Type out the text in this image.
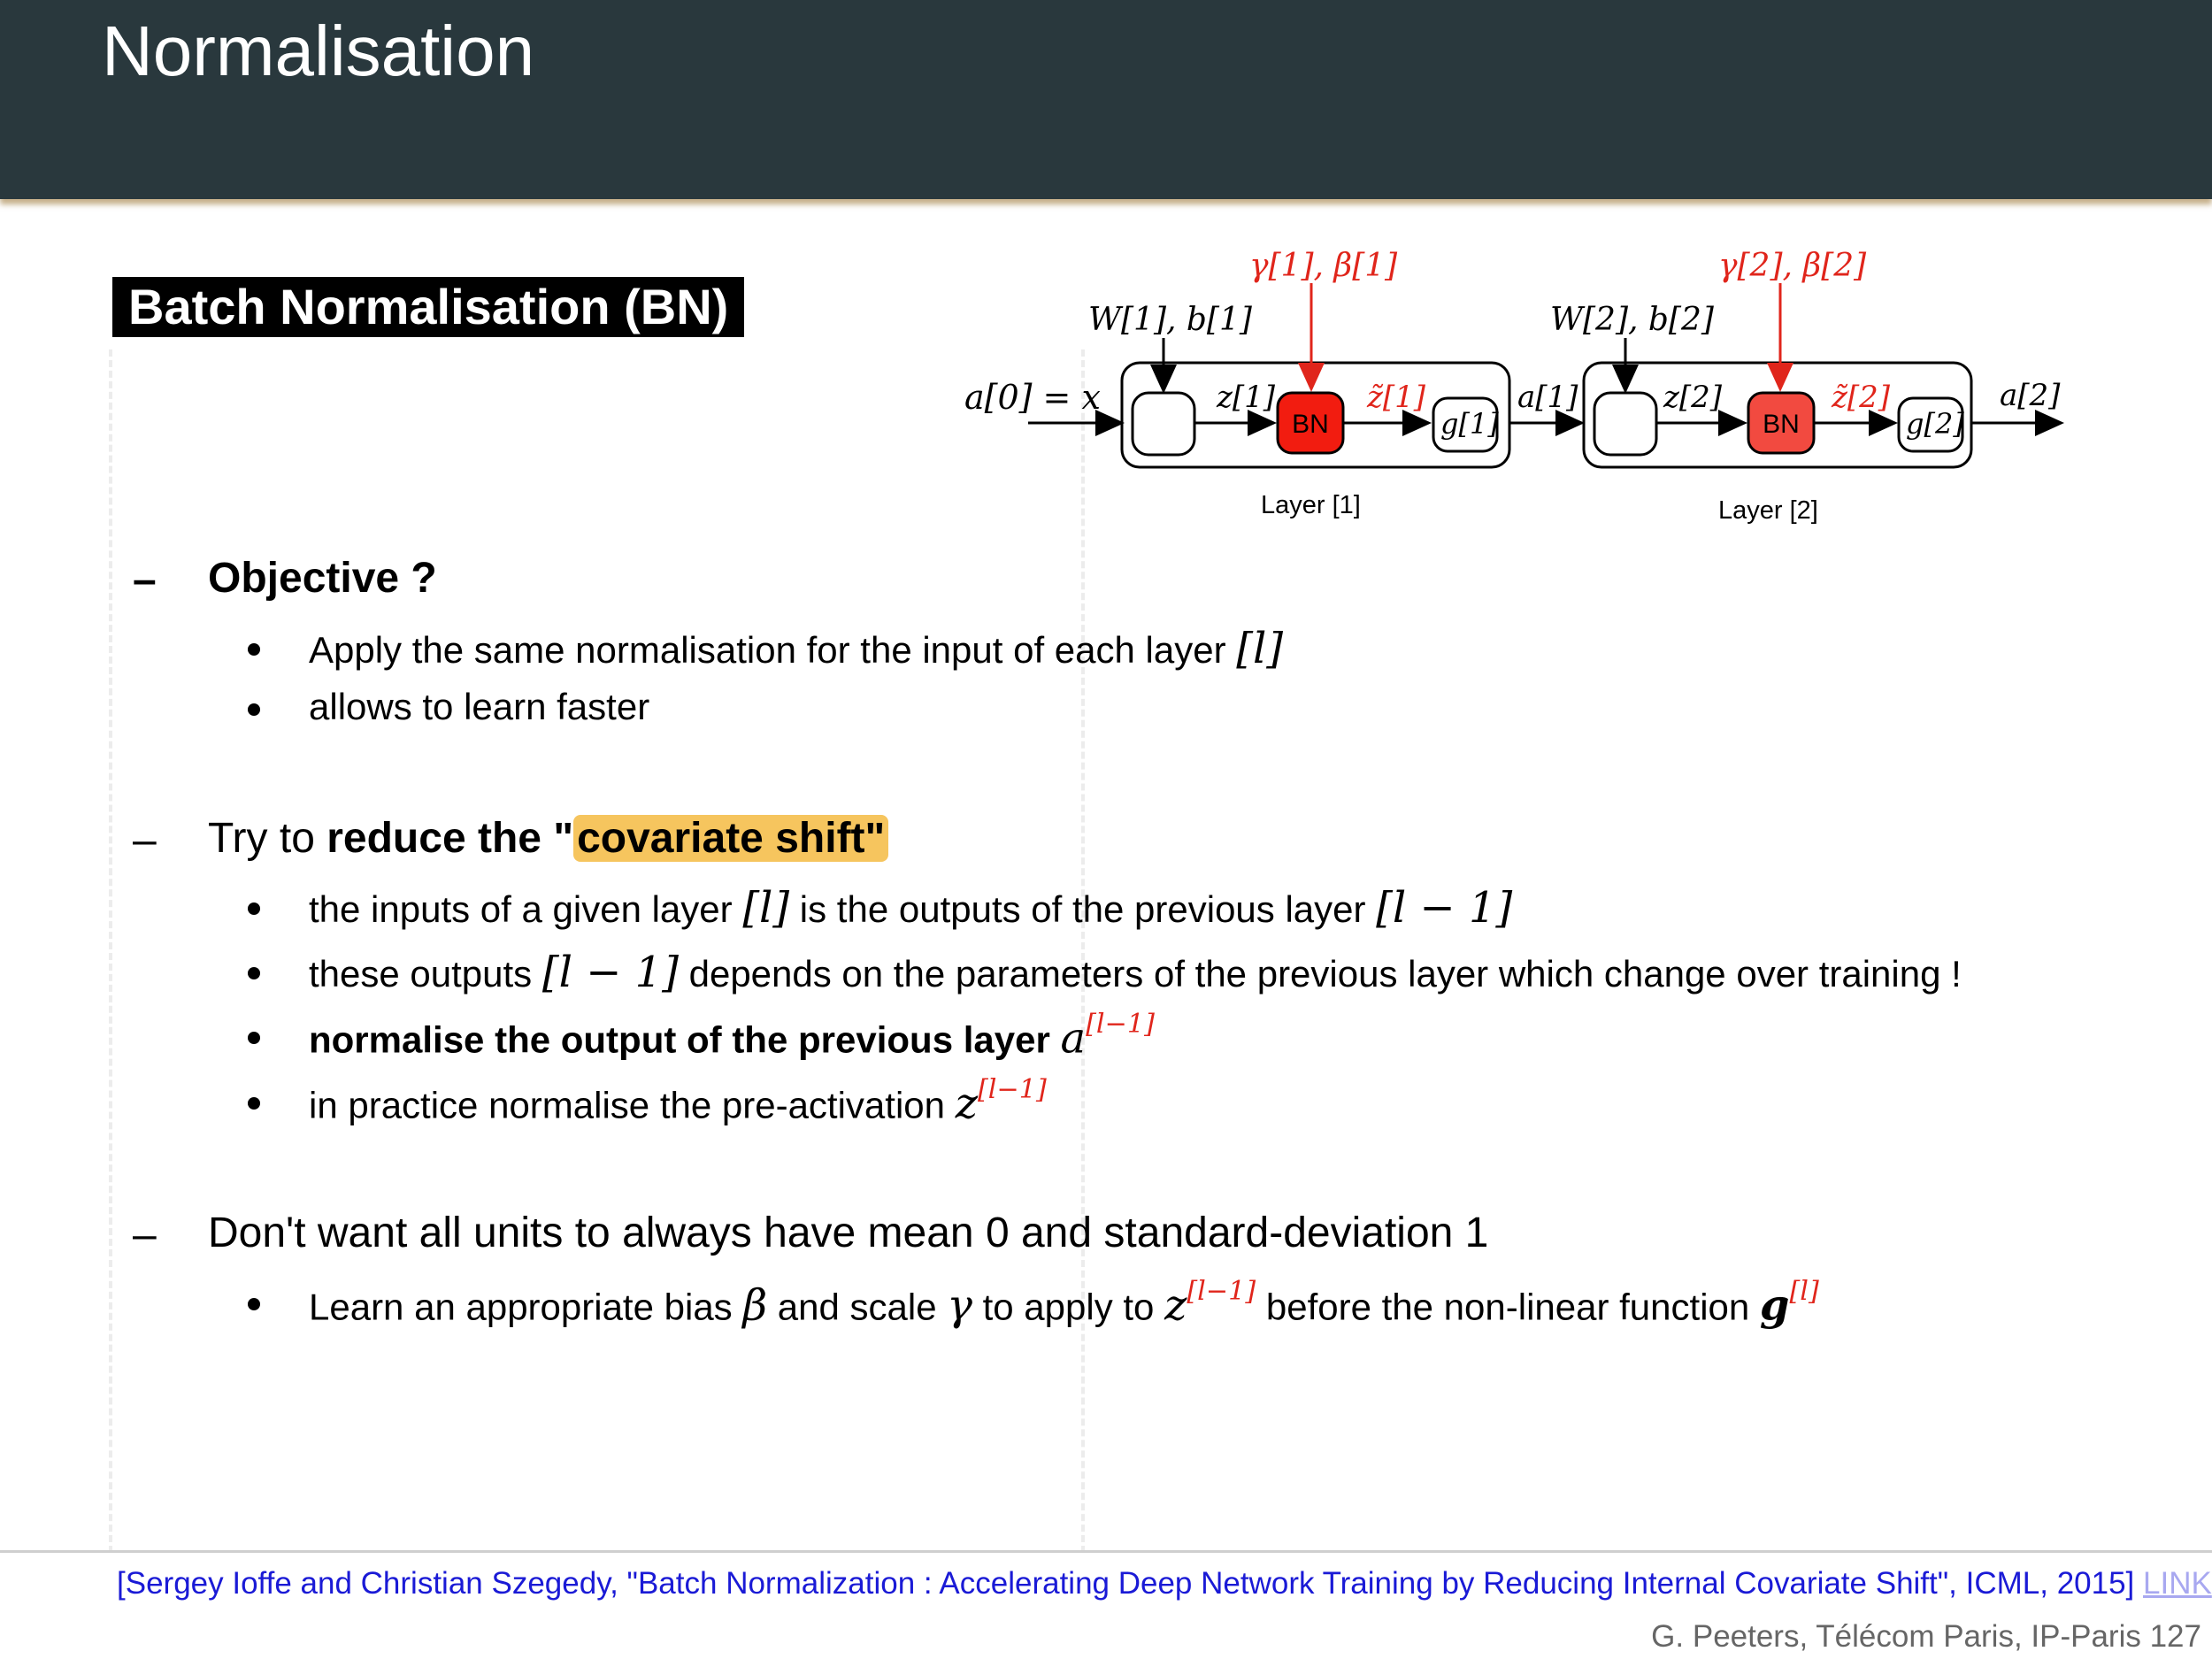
Normalisation
Batch Normalisation (BN)
a[0] = x
W[1], b[1]
z[1]
γ[1], β[1]
BN
z̃[1]
g[1]
Layer [1]
a[1]
W[2], b[2]
z[2]
γ[2], β[2]
BN
z̃[2]
g[2]
Layer [2]
a[2]
– Objective ?
Apply the same normalisation for the input of each layer [l]
allows to learn faster
– Try to reduce the "covariate shift"
the inputs of a given layer [l] is the outputs of the previous layer [l − 1]
these outputs [l − 1] depends on the parameters of the previous layer which change over training !
normalise the output of the previous layer a[l−1]
in practice normalise the pre-activation z[l−1]
– Don't want all units to always have mean 0 and standard-deviation 1
Learn an appropriate bias β and scale γ to apply to z[l−1] before the non-linear function g[l]
[Sergey Ioffe and Christian Szegedy, "Batch Normalization : Accelerating Deep Network Training by Reducing Internal Covariate Shift", ICML, 2015] LINK
G. Peeters, Télécom Paris, IP-Paris 127
